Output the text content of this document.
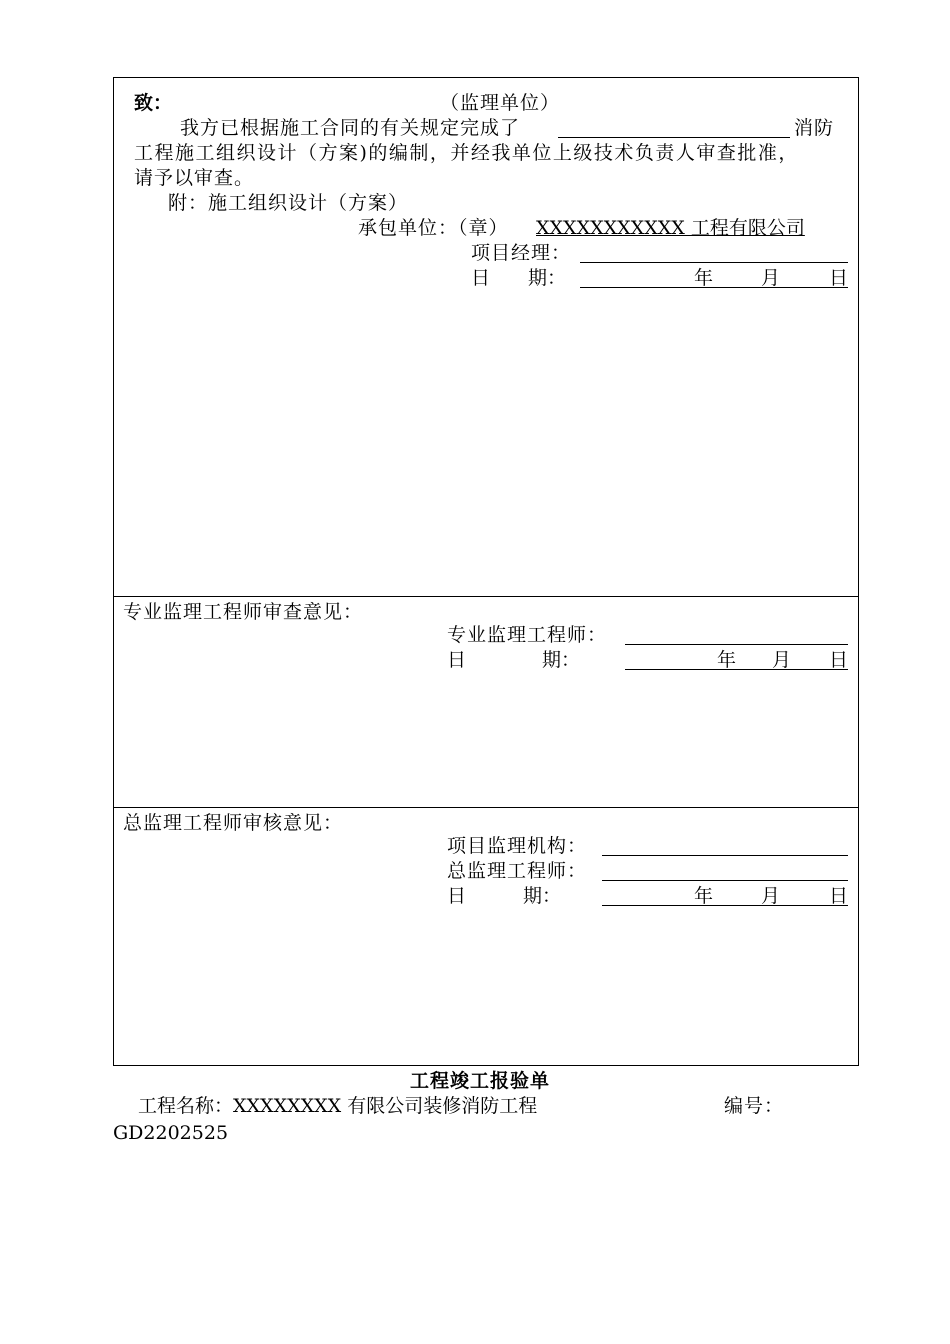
致：	（监理单位）
我方已根据施工合同的有关规定完成了	消防
工程施工组织设计（方案)的编制，并经我单位上级技术负责人审查批准，
请予以审查。
附：施工组织设计（方案）
承包单位：（章） XXXXXXXXXXX 工程有限公司
项目经理：
日　　期：	年	月	日
专业监理工程师审查意见：
专业监理工程师：
日　　　　期：	年 月 日
总监理工程师审核意见：
项目监理机构：
总监理工程师：
日　　　期：	年	月	日
工程竣工报验单
工程名称：XXXXXXXX 有限公司装修消防工程	编号：
GD2202525
